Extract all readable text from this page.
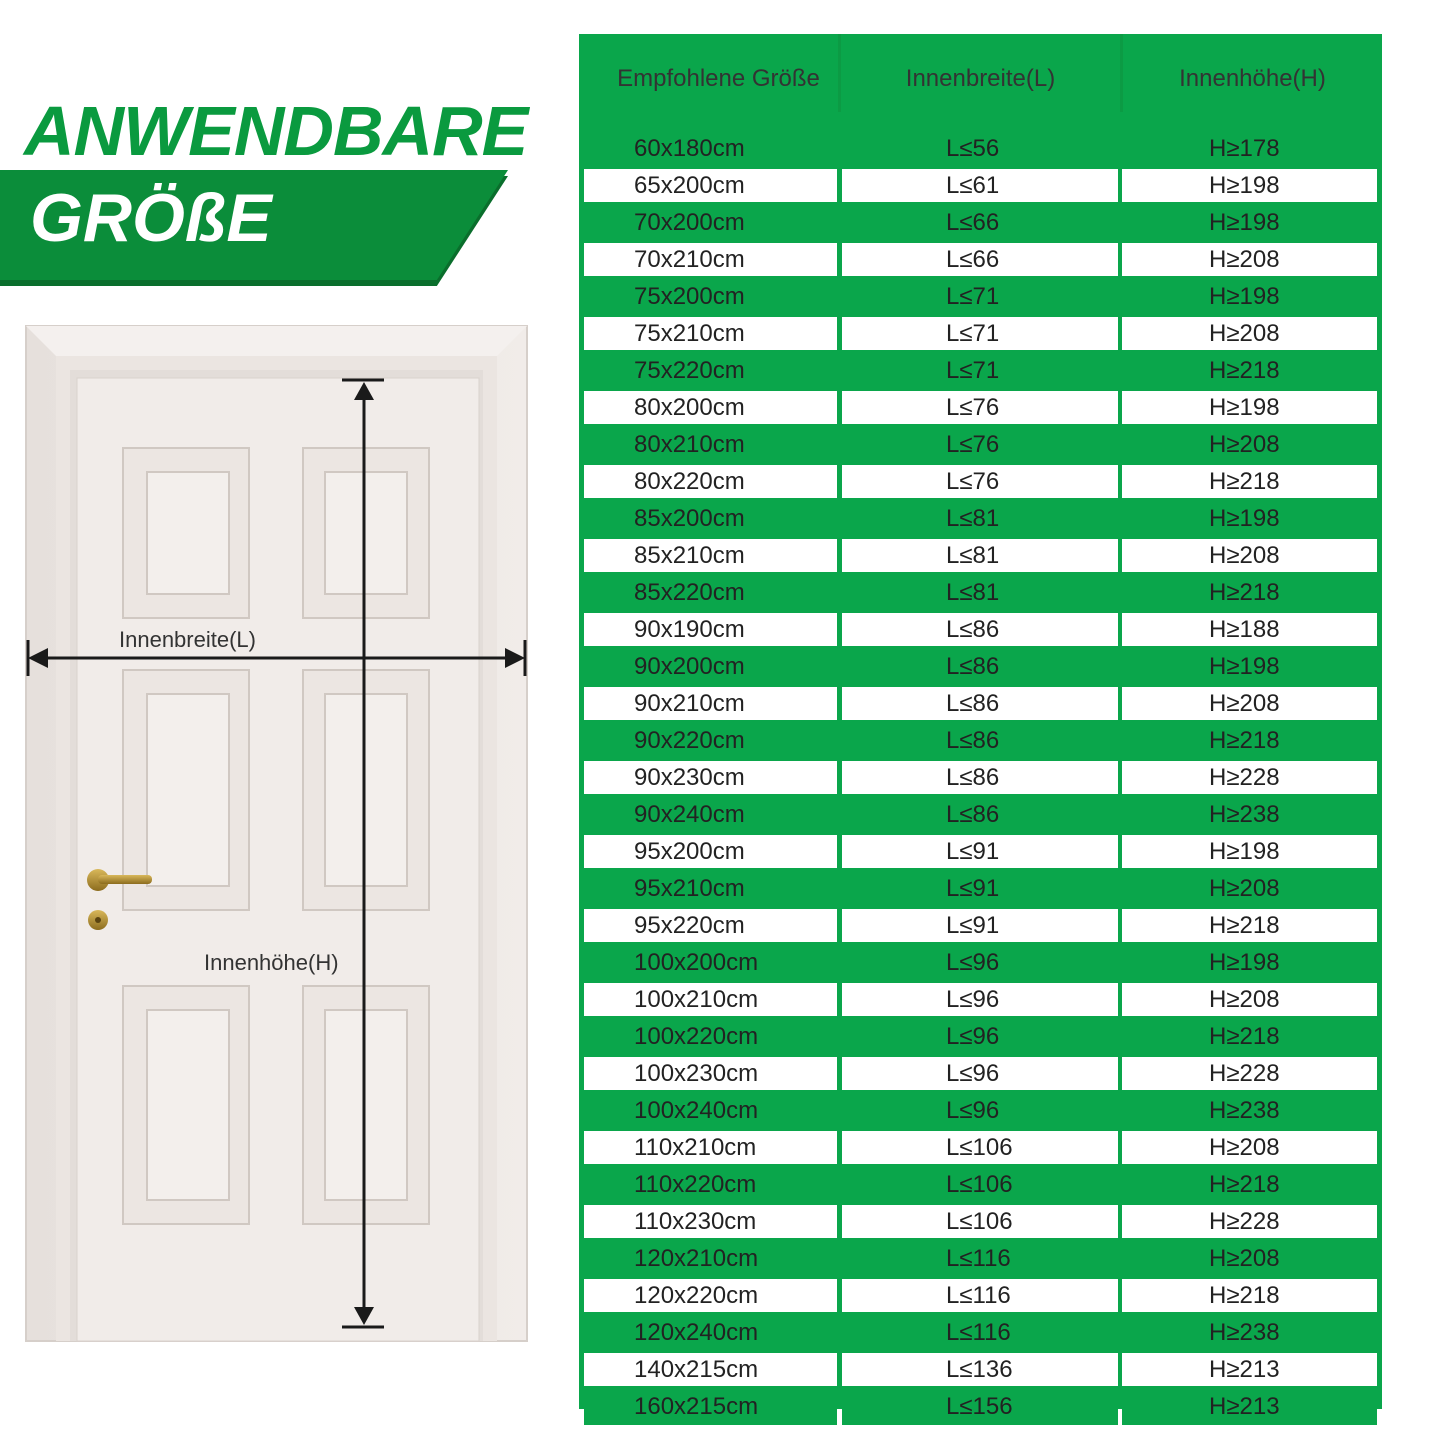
ANWENDBARE
GRÖßE
Innenbreite(L)
Innenhöhe(H)
Empfohlene Größe	Innenbreite(L)	Innenhöhe(H)
60x180cm	L≤56	H≥178
65x200cm	L≤61	H≥198
70x200cm	L≤66	H≥198
70x210cm	L≤66	H≥208
75x200cm	L≤71	H≥198
75x210cm	L≤71	H≥208
75x220cm	L≤71	H≥218
80x200cm	L≤76	H≥198
80x210cm	L≤76	H≥208
80x220cm	L≤76	H≥218
85x200cm	L≤81	H≥198
85x210cm	L≤81	H≥208
85x220cm	L≤81	H≥218
90x190cm	L≤86	H≥188
90x200cm	L≤86	H≥198
90x210cm	L≤86	H≥208
90x220cm	L≤86	H≥218
90x230cm	L≤86	H≥228
90x240cm	L≤86	H≥238
95x200cm	L≤91	H≥198
95x210cm	L≤91	H≥208
95x220cm	L≤91	H≥218
100x200cm	L≤96	H≥198
100x210cm	L≤96	H≥208
100x220cm	L≤96	H≥218
100x230cm	L≤96	H≥228
100x240cm	L≤96	H≥238
110x210cm	L≤106	H≥208
110x220cm	L≤106	H≥218
110x230cm	L≤106	H≥228
120x210cm	L≤116	H≥208
120x220cm	L≤116	H≥218
120x240cm	L≤116	H≥238
140x215cm	L≤136	H≥213
160x215cm	L≤156	H≥213
